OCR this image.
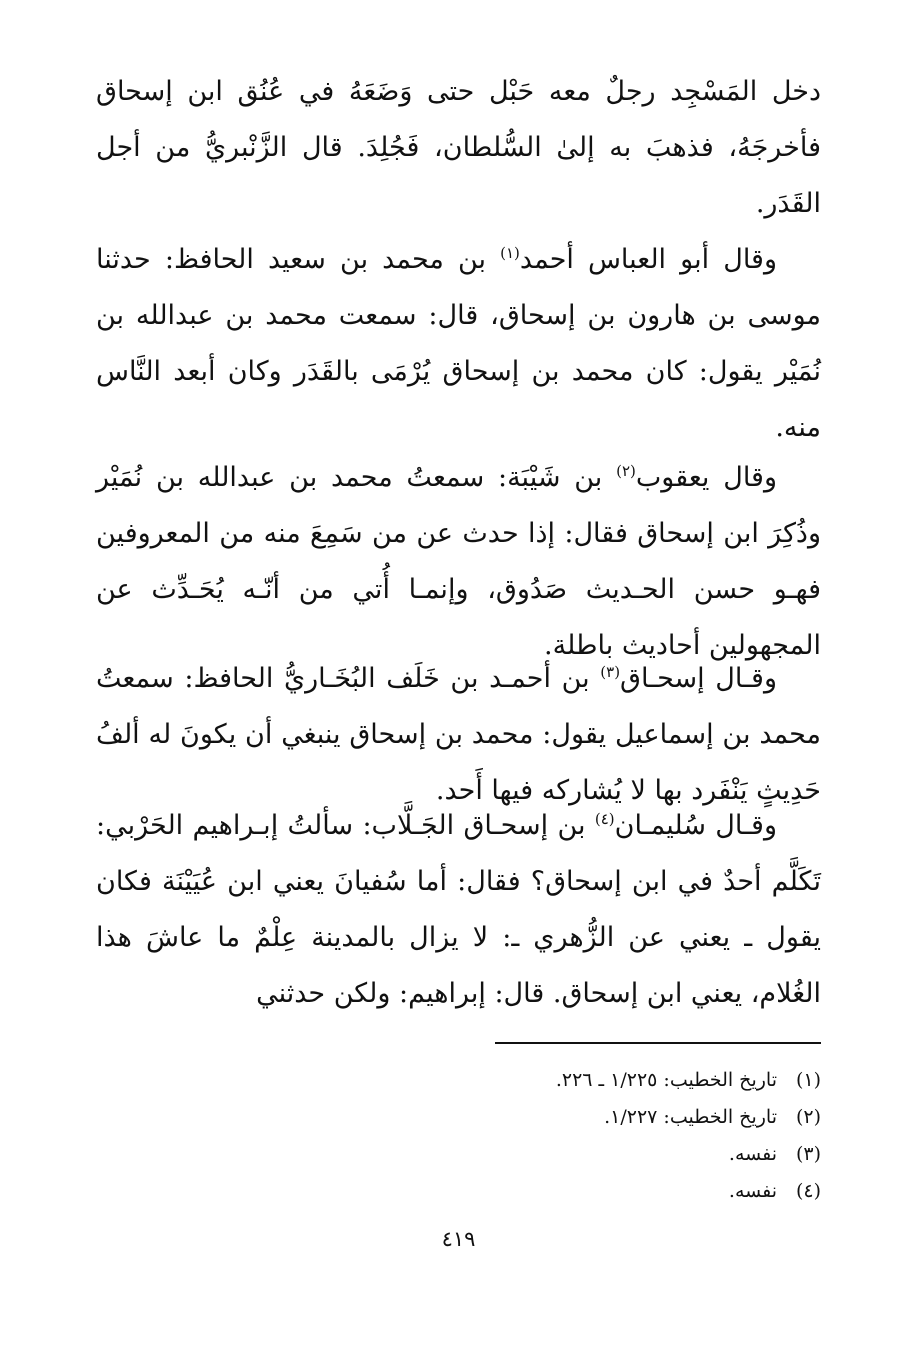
دخل المَسْجِد رجلٌ معه حَبْل حتى وَضَعَهُ في عُنُق ابن إسحاق فأخرجَهُ، فذهبَ به إلىٰ السُّلطان، فَجُلِدَ. قال الزَّنْبريُّ من أجل القَدَر.

وقال أبو العباس أحمد$^{(١)}$ بن محمد بن سعيد الحافظ: حدثنا موسى بن هارون بن إسحاق، قال: سمعت محمد بن عبدالله بن نُمَيْر يقول: كان محمد بن إسحاق يُرْمَى بالقَدَر وكان أبعد النَّاس منه.

وقال يعقوب$^{(٢)}$ بن شَيْبَة: سمعتُ محمد بن عبدالله بن نُمَيْر وذُكِرَ ابن إسحاق فقال: إذا حدث عن من سَمِعَ منه من المعروفين فهـو حسن الحـديث صَدُوق، وإنمـا أُتي من أنّـه يُحَـدِّث عن المجهولين أحاديث باطلة.

وقـال إسحـاق$^{(٣)}$ بن أحمـد بن خَلَف البُخَـاريُّ الحافظ: سمعتُ محمد بن إسماعيل يقول: محمد بن إسحاق ينبغي أن يكونَ له ألفُ حَدِيثٍ يَنْفَرد بها لا يُشاركه فيها أَحد.

وقـال سُليمـان$^{(٤)}$ بن إسحـاق الجَـلَّاب: سألتُ إبـراهيم الحَرْبي: تَكَلَّم أحدٌ في ابن إسحاق؟ فقال: أما سُفيانَ يعني ابن عُيَيْنَة فكان يقول ـ يعني عن الزُّهري ـ: لا يزال بالمدينة عِلْمٌ ما عاشَ هذا الغُلام، يعني ابن إسحاق. قال: إبراهيم: ولكن حدثني

(١)
تاريخ الخطيب: ١/٢٢٥ ـ ٢٢٦.
(٢)
تاريخ الخطيب: ١/٢٢٧.
(٣)
نفسه.
(٤)
نفسه.
٤١٩
